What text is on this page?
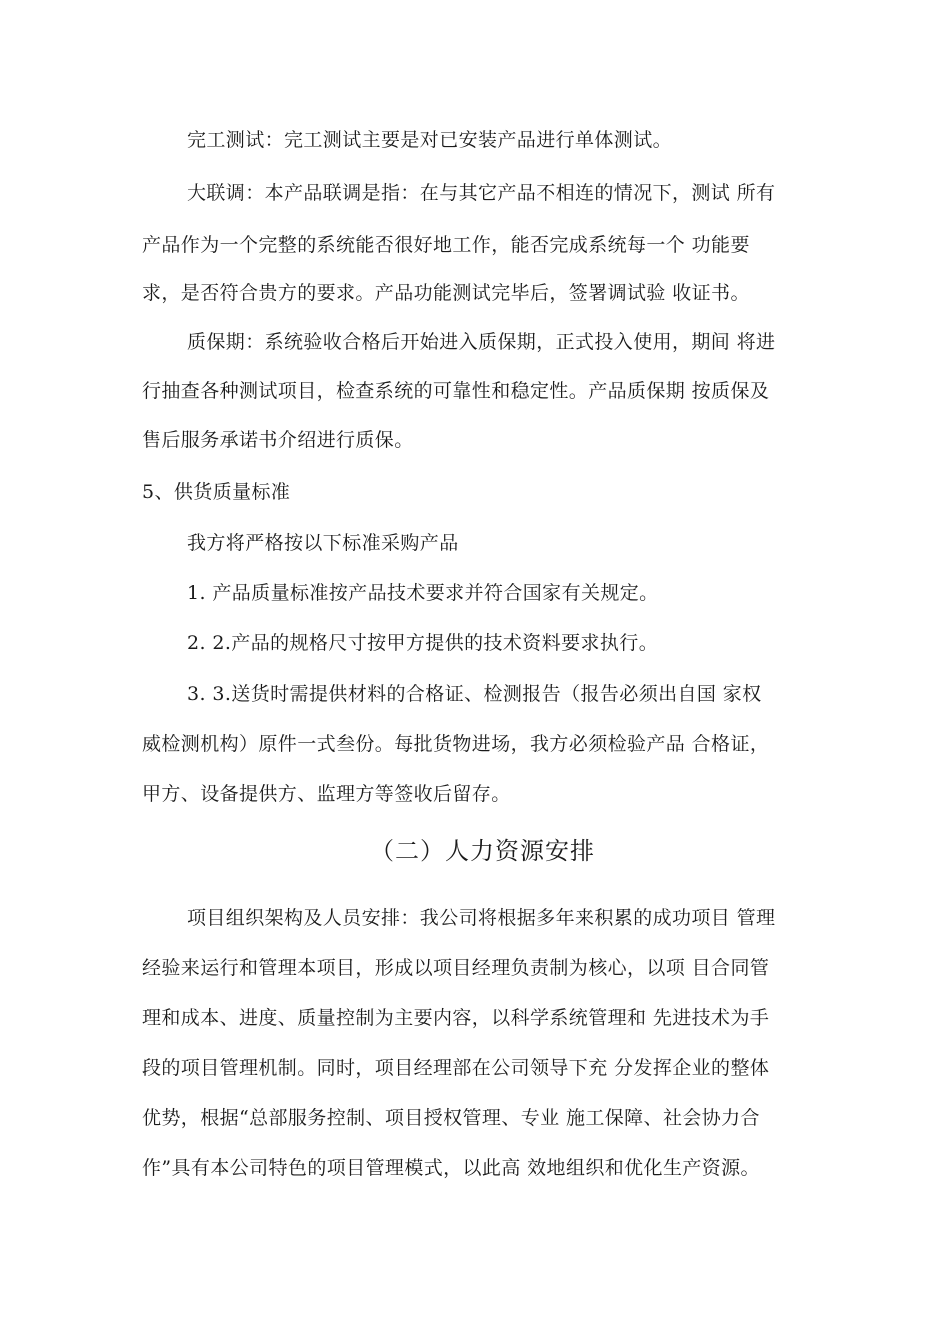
完工测试：完工测试主要是对已安装产品进行单体测试。
大联调：本产品联调是指：在与其它产品不相连的情况下，测试 所有
产品作为一个完整的系统能否很好地工作，能否完成系统每一个 功能要
求，是否符合贵方的要求。产品功能测试完毕后，签署调试验 收证书。
质保期：系统验收合格后开始进入质保期，正式投入使用，期间 将进
行抽查各种测试项目，检查系统的可靠性和稳定性。产品质保期 按质保及
售后服务承诺书介绍进行质保。
5、供货质量标准
我方将严格按以下标准采购产品
1. 产品质量标准按产品技术要求并符合国家有关规定。
2. 2.产品的规格尺寸按甲方提供的技术资料要求执行。
3. 3.送货时需提供材料的合格证、检测报告（报告必须出自国 家权
威检测机构）原件一式叁份。每批货物进场，我方必须检验产品 合格证，
甲方、设备提供方、监理方等签收后留存。
（二）人力资源安排
项目组织架构及人员安排：我公司将根据多年来积累的成功项目 管理
经验来运行和管理本项目，形成以项目经理负责制为核心，以项 目合同管
理和成本、进度、质量控制为主要内容，以科学系统管理和 先进技术为手
段的项目管理机制。同时，项目经理部在公司领导下充 分发挥企业的整体
优势，根据“总部服务控制、项目授权管理、专业 施工保障、社会协力合
作”具有本公司特色的项目管理模式，以此高 效地组织和优化生产资源。
